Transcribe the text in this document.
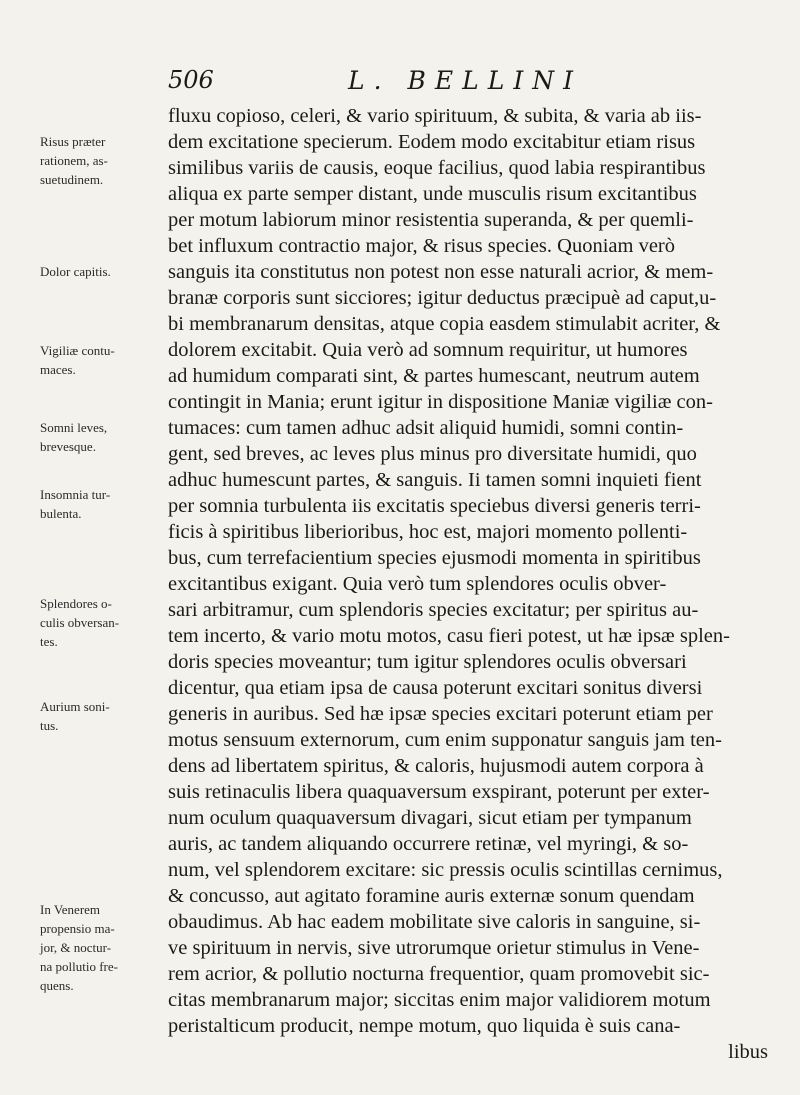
506	L. BELLINI
Risus præter
rationem, as-
suetudinem.
Dolor capitis.
Vigiliæ contu-
maces.
Somni leves,
brevesque.
Insomnia tur-
bulenta.
Splendores o-
culis obversan-
tes.
Aurium soni-
tus.
In Venerem
propensio ma-
jor, & noctur-
na pollutio fre-
quens.
fluxu copioso, celeri, & vario spirituum, & subita, & varia ab iis-
dem excitatione specierum. Eodem modo excitabitur etiam risus
similibus variis de causis, eoque facilius, quod labia respirantibus
aliqua ex parte semper distant, unde musculis risum excitantibus
per motum labiorum minor resistentia superanda, & per quemli-
bet influxum contractio major, & risus species. Quoniam verò
sanguis ita constitutus non potest non esse naturali acrior, & mem-
branæ corporis sunt sicciores; igitur deductus præcipuè ad caput,u-
bi membranarum densitas, atque copia easdem stimulabit acriter, &
dolorem excitabit. Quia verò ad somnum requiritur, ut humores
ad humidum comparati sint, & partes humescant, neutrum autem
contingit in Mania; erunt igitur in dispositione Maniæ vigiliæ con-
tumaces: cum tamen adhuc adsit aliquid humidi, somni contin-
gent, sed breves, ac leves plus minus pro diversitate humidi, quo
adhuc humescunt partes, & sanguis. Ii tamen somni inquieti fient
per somnia turbulenta iis excitatis speciebus diversi generis terri-
ficis à spiritibus liberioribus, hoc est, majori momento pollenti-
bus, cum terrefacientium species ejusmodi momenta in spiritibus
excitantibus exigant. Quia verò tum splendores oculis obver-
sari arbitramur, cum splendoris species excitatur; per spiritus au-
tem incerto, & vario motu motos, casu fieri potest, ut hæ ipsæ splen-
doris species moveantur; tum igitur splendores oculis obversari
dicentur, qua etiam ipsa de causa poterunt excitari sonitus diversi
generis in auribus. Sed hæ ipsæ species excitari poterunt etiam per
motus sensuum externorum, cum enim supponatur sanguis jam ten-
dens ad libertatem spiritus, & caloris, hujusmodi autem corpora à
suis retinaculis libera quaquaversum exspirant, poterunt per exter-
num oculum quaquaversum divagari, sicut etiam per tympanum
auris, ac tandem aliquando occurrere retinæ, vel myringi, & so-
num, vel splendorem excitare: sic pressis oculis scintillas cernimus,
& concusso, aut agitato foramine auris externæ sonum quendam
obaudimus. Ab hac eadem mobilitate sive caloris in sanguine, si-
ve spirituum in nervis, sive utrorumque orietur stimulus in Vene-
rem acrior, & pollutio nocturna frequentior, quam promovebit sic-
citas membranarum major; siccitas enim major validiorem motum
peristalticum producit, nempe motum, quo liquida è suis cana-
libus
